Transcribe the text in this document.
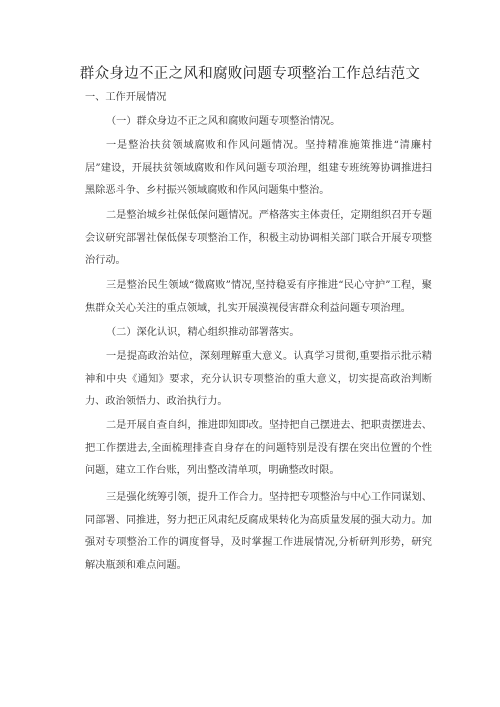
群众身边不正之风和腐败问题专项整治工作总结范文
一、工作开展情况
（一）群众身边不正之风和腐败问题专项整治情况。
一是整治扶贫领域腐败和作风问题情况。坚持精准施策推进“清廉村居”建设，开展扶贫领域腐败和作风问题专项治理，组建专班统筹协调推进扫黑除恶斗争、乡村振兴领域腐败和作风问题集中整治。
二是整治城乡社保低保问题情况。严格落实主体责任，定期组织召开专题会议研究部署社保低保专项整治工作，积极主动协调相关部门联合开展专项整治行动。
三是整治民生领域“微腐败”情况,坚持稳妥有序推进“民心守护”工程，聚焦群众关心关注的重点领域，扎实开展漠视侵害群众利益问题专项治理。
（二）深化认识，精心组织推动部署落实。
一是提高政治站位，深刻理解重大意义。认真学习贯彻,重要指示批示精神和中央《通知》要求，充分认识专项整治的重大意义，切实提高政治判断力、政治领悟力、政治执行力。
二是开展自查自纠，推进即知即改。坚持把自己摆进去、把职责摆进去、把工作摆进去,全面梳理排查自身存在的问题特别是没有摆在突出位置的个性问题，建立工作台账，列出整改清单项，明确整改时限。
三是强化统筹引领，提升工作合力。坚持把专项整治与中心工作同谋划、同部署、同推进，努力把正风肃纪反腐成果转化为高质量发展的强大动力。加强对专项整治工作的调度督导，及时掌握工作进展情况,分析研判形势，研究解决瓶颈和难点问题。
